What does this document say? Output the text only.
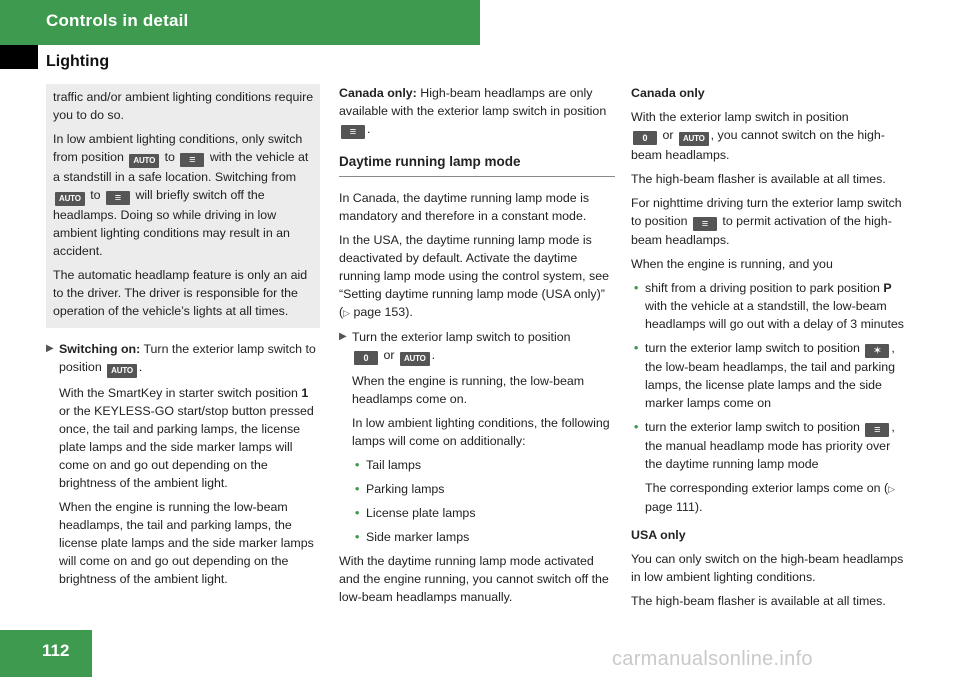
Controls in detail
Lighting

traffic and/or ambient lighting conditions require you to do so.

In low ambient lighting conditions, only switch from position AUTO to ≡ with the vehicle at a standstill in a safe location. Switching from AUTO to ≡ will briefly switch off the headlamps. Doing so while driving in low ambient lighting conditions may result in an accident.

The automatic headlamp feature is only an aid to the driver. The driver is responsible for the operation of the vehicle’s lights at all times.

▶ Switching on: Turn the exterior lamp switch to position AUTO .

With the SmartKey in starter switch position 1 or the KEYLESS-GO start/stop button pressed once, the tail and parking lamps, the license plate lamps and the side marker lamps will come on and go out depending on the brightness of the ambient light.

When the engine is running the low-beam headlamps, the tail and parking lamps, the license plate lamps and the side marker lamps will come on and go out depending on the brightness of the ambient light.

Canada only: High-beam headlamps are only available with the exterior lamp switch in position ≡ .

Daytime running lamp mode

In Canada, the daytime running lamp mode is mandatory and therefore in a constant mode.

In the USA, the daytime running lamp mode is deactivated by default. Activate the daytime running lamp mode using the control system, see “Setting daytime running lamp mode (USA only)” (▷ page 153).

▶ Turn the exterior lamp switch to position
0 or AUTO .

When the engine is running, the low-beam headlamps come on.

In low ambient lighting conditions, the following lamps will come on additionally:

• Tail lamps

• Parking lamps

• License plate lamps

• Side marker lamps

With the daytime running lamp mode activated and the engine running, you cannot switch off the low-beam headlamps manually.

Canada only

With the exterior lamp switch in position
0 or AUTO , you cannot switch on the high-beam headlamps.

The high-beam flasher is available at all times.

For nighttime driving turn the exterior lamp switch to position ≡ to permit activation of the high-beam headlamps.

When the engine is running, and you

• shift from a driving position to park position P with the vehicle at a standstill, the low-beam headlamps will go out with a delay of 3 minutes

• turn the exterior lamp switch to position ✶ , the low-beam headlamps, the tail and parking lamps, the license plate lamps and the side marker lamps come on

• turn the exterior lamp switch to position ≡ , the manual headlamp mode has priority over the daytime running lamp mode

The corresponding exterior lamps come on (▷ page 111).

USA only

You can only switch on the high-beam headlamps in low ambient lighting conditions.

The high-beam flasher is available at all times.

112	carmanualsonline.info
